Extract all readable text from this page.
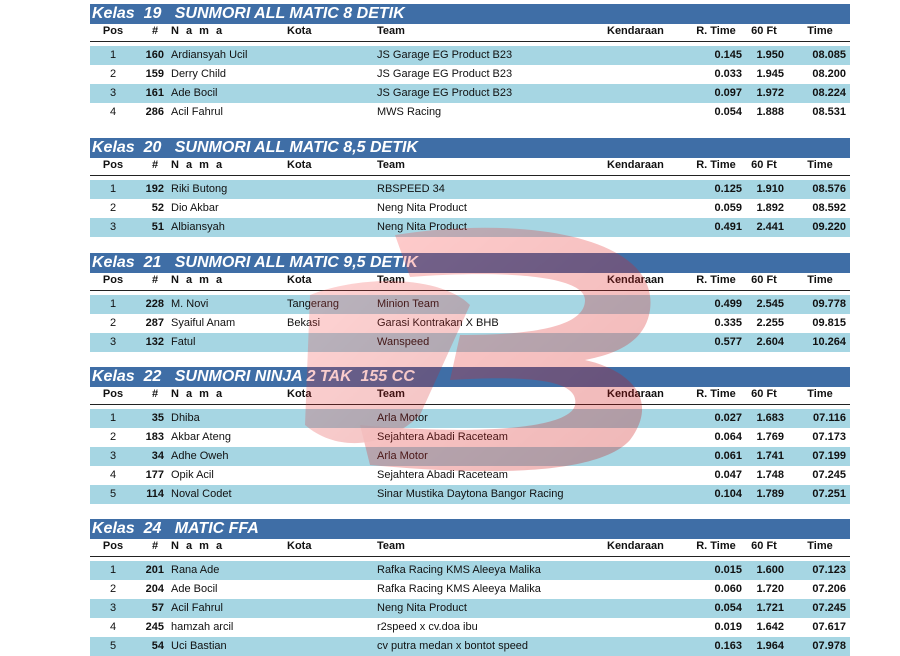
Kelas  19   SUNMORI ALL MATIC 8 DETIK
Pos	#	N a m a	Kota	Team	Kendaraan	R. Time	60 Ft	Time
1	160 Ardiansyah Ucil	JS Garage EG Product B23	0.145	1.950	08.085
2	159 Derry Child	JS Garage EG Product B23	0.033	1.945	08.200
3	161 Ade Bocil	JS Garage EG Product B23	0.097	1.972	08.224
4	286 Acil Fahrul	MWS Racing	0.054	1.888	08.531
Kelas  20   SUNMORI ALL MATIC 8,5 DETIK
Pos	#	N a m a	Kota	Team	Kendaraan	R. Time	60 Ft	Time
1	192 Riki Butong	RBSPEED 34	0.125	1.910	08.576
2	52 Dio Akbar	Neng Nita Product	0.059	1.892	08.592
3	51 Albiansyah	Neng Nita Product	0.491	2.441	09.220
Kelas  21   SUNMORI ALL MATIC 9,5 DETIK
Pos	#	N a m a	Kota	Team	Kendaraan	R. Time	60 Ft	Time
1	228 M. Novi	Tangerang	Minion Team	0.499	2.545	09.778
2	287 Syaiful Anam	Bekasi	Garasi Kontrakan X BHB	0.335	2.255	09.815
3	132 Fatul	Wanspeed	0.577	2.604	10.264
Kelas  22   SUNMORI NINJA 2 TAK  155 CC
Pos	#	N a m a	Kota	Team	Kendaraan	R. Time	60 Ft	Time
1	35 Dhiba	Arla Motor	0.027	1.683	07.116
2	183 Akbar Ateng	Sejahtera Abadi Raceteam	0.064	1.769	07.173
3	34 Adhe Oweh	Arla Motor	0.061	1.741	07.199
4	177 Opik Acil	Sejahtera Abadi Raceteam	0.047	1.748	07.245
5	114 Noval Codet	Sinar Mustika Daytona Bangor Racing	0.104	1.789	07.251
Kelas  24   MATIC FFA
Pos	#	N a m a	Kota	Team	Kendaraan	R. Time	60 Ft	Time
1	201 Rana Ade	Rafka Racing KMS Aleeya Malika	0.015	1.600	07.123
2	204 Ade Bocil	Rafka Racing KMS Aleeya Malika	0.060	1.720	07.206
3	57 Acil Fahrul	Neng Nita Product	0.054	1.721	07.245
4	245 hamzah arcil	r2speed x cv.doa ibu	0.019	1.642	07.617
5	54 Uci Bastian	cv putra medan x bontot speed	0.163	1.964	07.978
